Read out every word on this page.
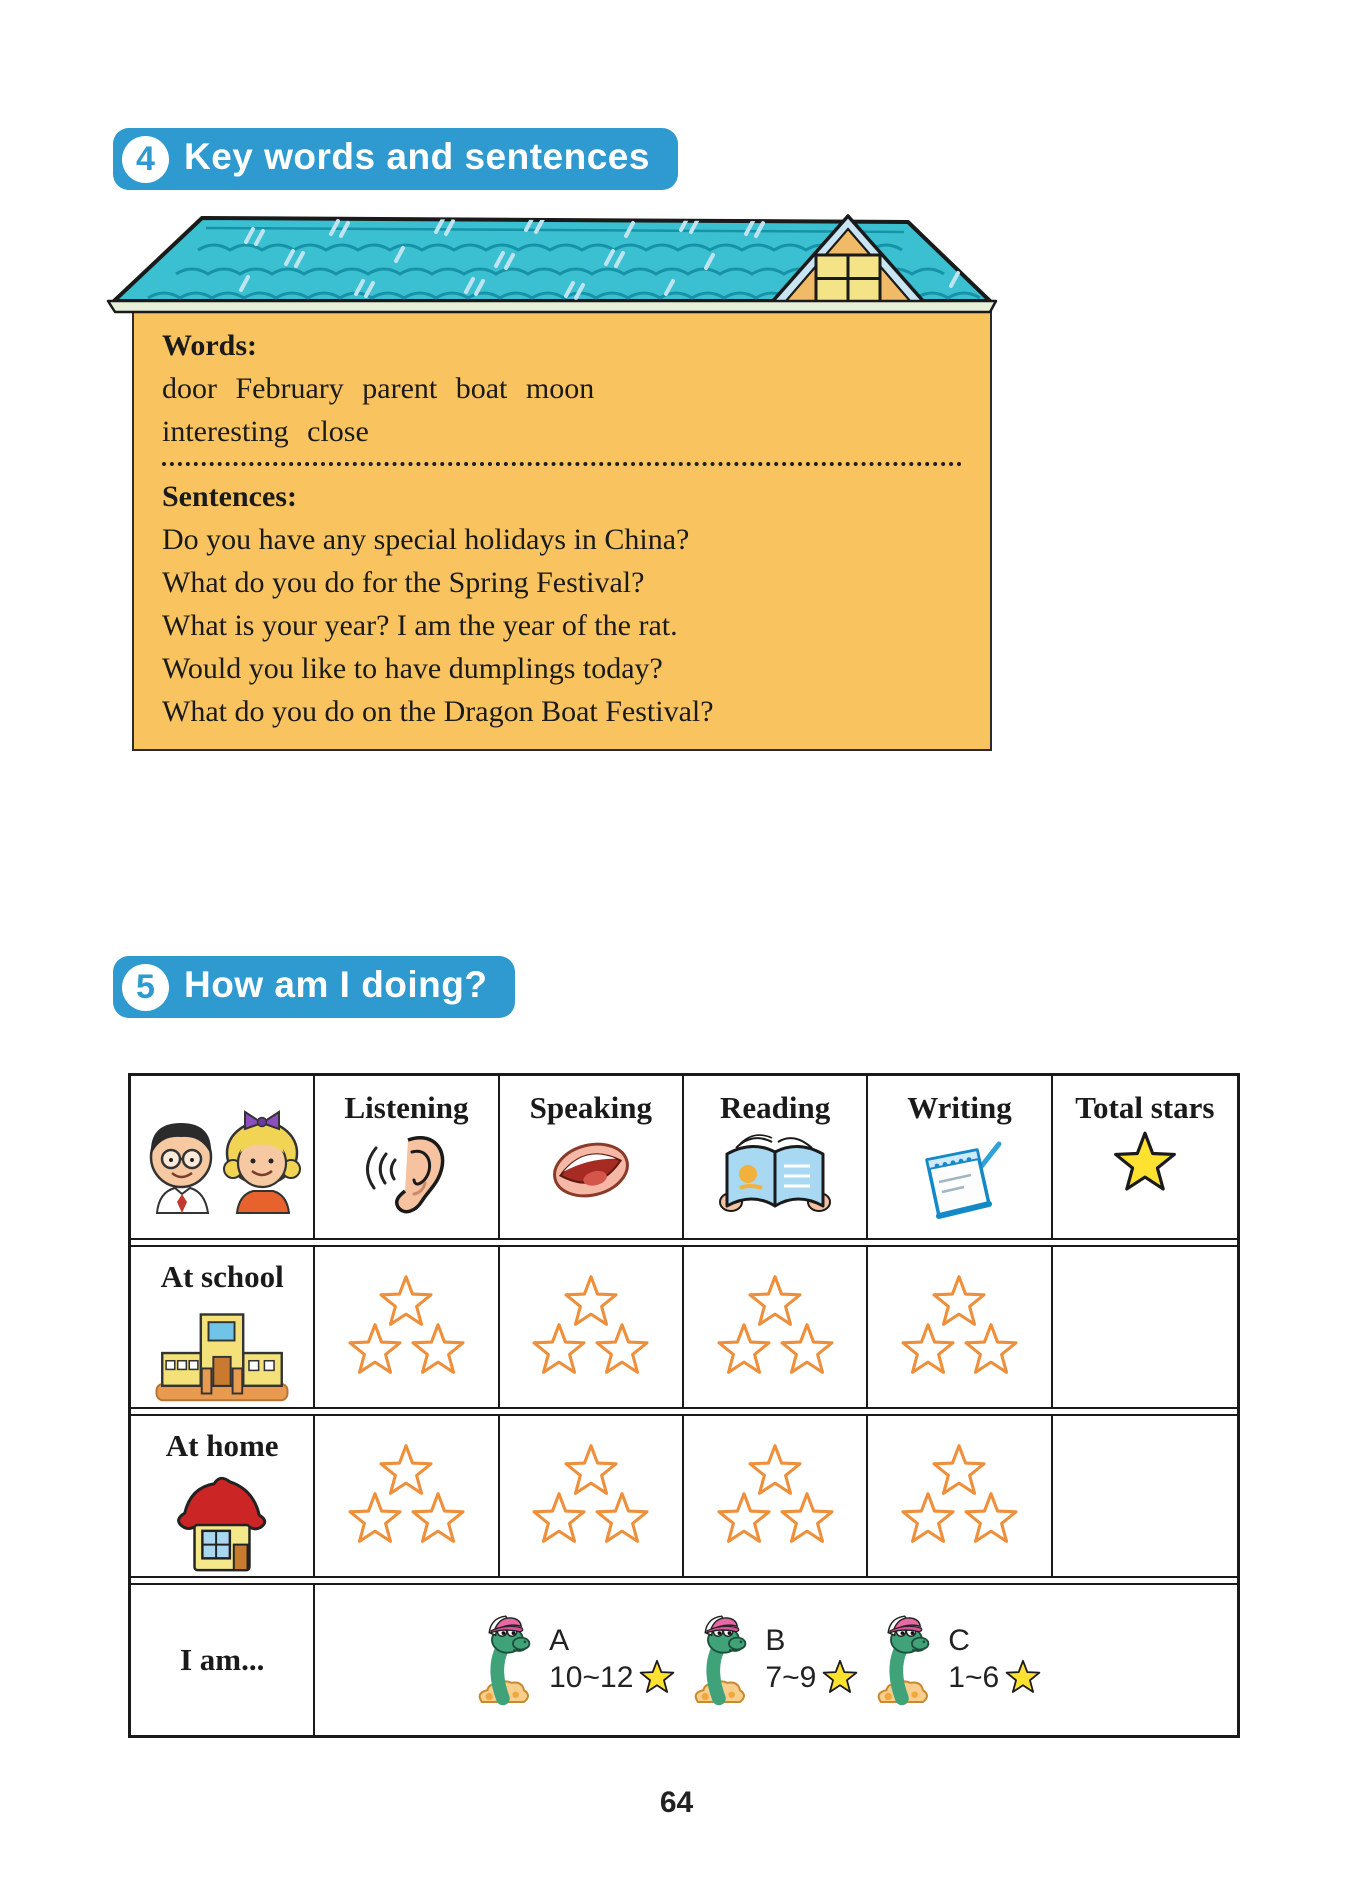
4 Key words and sentences

Words:

door February parent boat moon

interesting close

Sentences:

Do you have any special holidays in China?

What do you do for the Spring Festival?

What is your year? I am the year of the rat.

Would you like to have dumplings today?

What do you do on the Dragon Boat Festival?

5 How am I doing?
Listening Speaking Reading Writing Total stars
At school
At home
I am...
A
10~12
B
7~9
C
1~6
64
